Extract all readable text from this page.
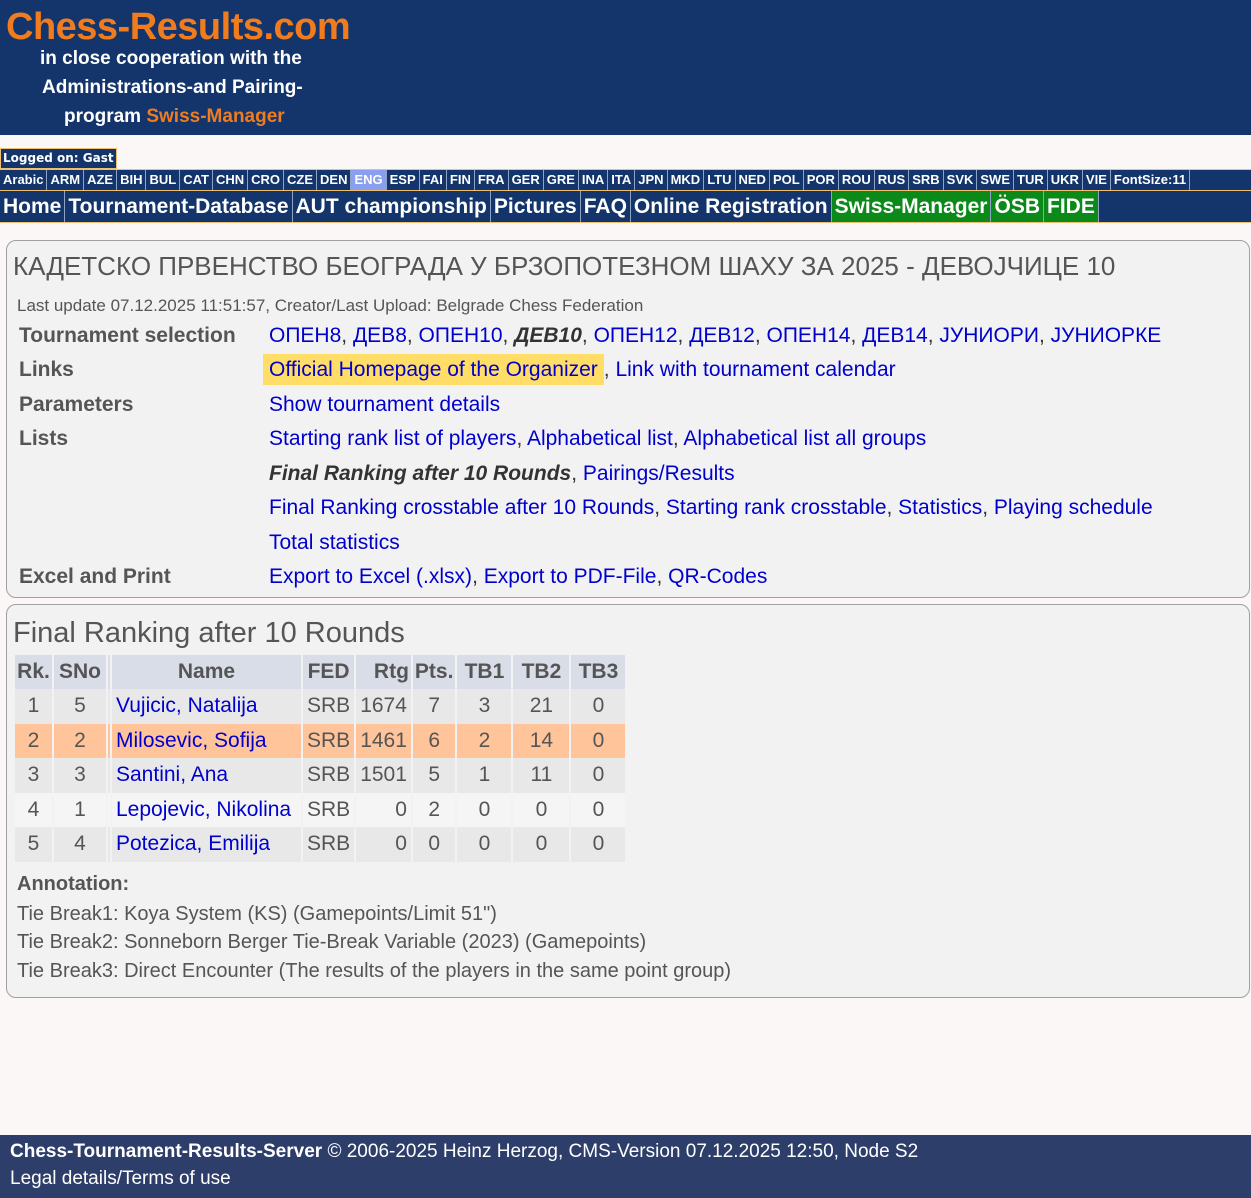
Chess-Results.com
in close cooperation with the
Administrations-and Pairing-
program Swiss-Manager
Logged on: Gast
Arabic ARM AZE BIH BUL CAT CHN CRO CZE DEN ENG ESP FAI FIN FRA GER GRE INA ITA JPN MKD LTU NED POL POR ROU RUS SRB SVK SWE TUR UKR VIE FontSize:11
Home Tournament-Database AUT championship Pictures FAQ Online Registration Swiss-Manager ÖSB FIDE
КАДЕТСКО ПРВЕНСТВО БЕОГРАДА У БРЗОПОТЕЗНОМ ШАХУ ЗА 2025 - ДЕВОЈЧИЦЕ 10
Last update 07.12.2025 11:51:57, Creator/Last Upload: Belgrade Chess Federation
Tournament selection	ОПЕН8, ДЕВ8, ОПЕН10, ДЕВ10, ОПЕН12, ДЕВ12, ОПЕН14, ДЕВ14, ЈУНИОРИ, ЈУНИОРКЕ
Links	Official Homepage of the Organizer , Link with tournament calendar
Parameters	Show tournament details
Lists	Starting rank list of players, Alphabetical list, Alphabetical list all groups
Final Ranking after 10 Rounds, Pairings/Results
Final Ranking crosstable after 10 Rounds, Starting rank crosstable, Statistics, Playing schedule
Total statistics
Excel and Print	Export to Excel (.xlsx), Export to PDF-File, QR-Codes
Final Ranking after 10 Rounds
Rk.	SNo		Name	FED	Rtg	Pts.	TB1	TB2	TB3
1	5		Vujicic, Natalija	SRB	1674	7	3	21	0
2	2		Milosevic, Sofija	SRB	1461	6	2	14	0
3	3		Santini, Ana	SRB	1501	5	1	11	0
4	1		Lepojevic, Nikolina	SRB	0	2	0	0	0
5	4		Potezica, Emilija	SRB	0	0	0	0	0
Annotation:
Tie Break1: Koya System (KS) (Gamepoints/Limit 51")
Tie Break2: Sonneborn Berger Tie-Break Variable (2023) (Gamepoints)
Tie Break3: Direct Encounter (The results of the players in the same point group)
Chess-Tournament-Results-Server © 2006-2025 Heinz Herzog, CMS-Version 07.12.2025 12:50, Node S2
Legal details/Terms of use
